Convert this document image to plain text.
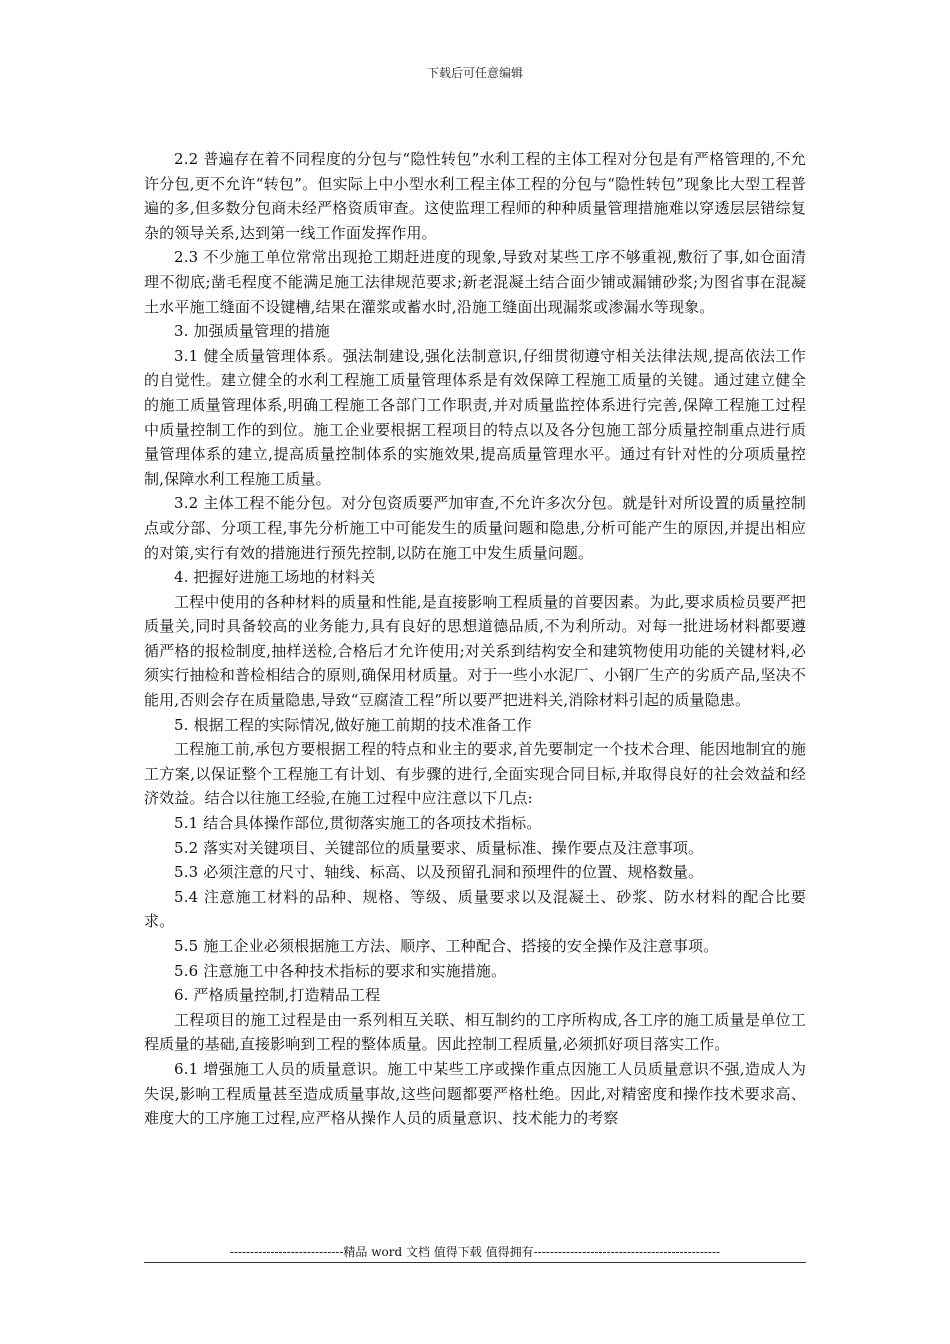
下载后可任意编辑

2.2 普遍存在着不同程度的分包与“隐性转包”水利工程的主体工程对分包是有严格管理的,不允许分包,更不允许“转包”。但实际上中小型水利工程主体工程的分包与“隐性转包”现象比大型工程普遍的多,但多数分包商未经严格资质审查。这使监理工程师的种种质量管理措施难以穿透层层错综复杂的领导关系,达到第一线工作面发挥作用。

2.3 不少施工单位常常出现抢工期赶进度的现象,导致对某些工序不够重视,敷衍了事,如仓面清理不彻底;凿毛程度不能满足施工法律规范要求;新老混凝土结合面少铺或漏铺砂浆;为图省事在混凝土水平施工缝面不设键槽,结果在灌浆或蓄水时,沿施工缝面出现漏浆或渗漏水等现象。

3. 加强质量管理的措施

3.1 健全质量管理体系。强法制建设,强化法制意识,仔细贯彻遵守相关法律法规,提高依法工作的自觉性。建立健全的水利工程施工质量管理体系是有效保障工程施工质量的关键。通过建立健全的施工质量管理体系,明确工程施工各部门工作职责,并对质量监控体系进行完善,保障工程施工过程中质量控制工作的到位。施工企业要根据工程项目的特点以及各分包施工部分质量控制重点进行质量管理体系的建立,提高质量控制体系的实施效果,提高质量管理水平。通过有针对性的分项质量控制,保障水利工程施工质量。

3.2 主体工程不能分包。对分包资质要严加审查,不允许多次分包。就是针对所设置的质量控制点或分部、分项工程,事先分析施工中可能发生的质量问题和隐患,分析可能产生的原因,并提出相应的对策,实行有效的措施进行预先控制,以防在施工中发生质量问题。

4. 把握好进施工场地的材料关

工程中使用的各种材料的质量和性能,是直接影响工程质量的首要因素。为此,要求质检员要严把质量关,同时具备较高的业务能力,具有良好的思想道德品质,不为利所动。对每一批进场材料都要遵循严格的报检制度,抽样送检,合格后才允许使用;对关系到结构安全和建筑物使用功能的关键材料,必须实行抽检和普检相结合的原则,确保用材质量。对于一些小水泥厂、小钢厂生产的劣质产品,坚决不能用,否则会存在质量隐患,导致“豆腐渣工程”所以要严把进料关,消除材料引起的质量隐患。

5. 根据工程的实际情况,做好施工前期的技术准备工作

工程施工前,承包方要根据工程的特点和业主的要求,首先要制定一个技术合理、能因地制宜的施工方案,以保证整个工程施工有计划、有步骤的进行,全面实现合同目标,并取得良好的社会效益和经济效益。结合以往施工经验,在施工过程中应注意以下几点:

5.1 结合具体操作部位,贯彻落实施工的各项技术指标。

5.2 落实对关键项目、关键部位的质量要求、质量标准、操作要点及注意事项。

5.3 必须注意的尺寸、轴线、标高、以及预留孔洞和预埋件的位置、规格数量。

5.4 注意施工材料的品种、规格、等级、质量要求以及混凝土、砂浆、防水材料的配合比要求。

5.5 施工企业必须根据施工方法、顺序、工种配合、搭接的安全操作及注意事项。

5.6 注意施工中各种技术指标的要求和实施措施。

6. 严格质量控制,打造精品工程

工程项目的施工过程是由一系列相互关联、相互制约的工序所构成,各工序的施工质量是单位工程质量的基础,直接影响到工程的整体质量。因此控制工程质量,必须抓好项目落实工作。

6.1 增强施工人员的质量意识。施工中某些工序或操作重点因施工人员质量意识不强,造成人为失误,影响工程质量甚至造成质量事故,这些问题都要严格杜绝。因此,对精密度和操作技术要求高、难度大的工序施工过程,应严格从操作人员的质量意识、技术能力的考察

----------------------------精品 word 文档 值得下载 值得拥有----------------------------------------------
